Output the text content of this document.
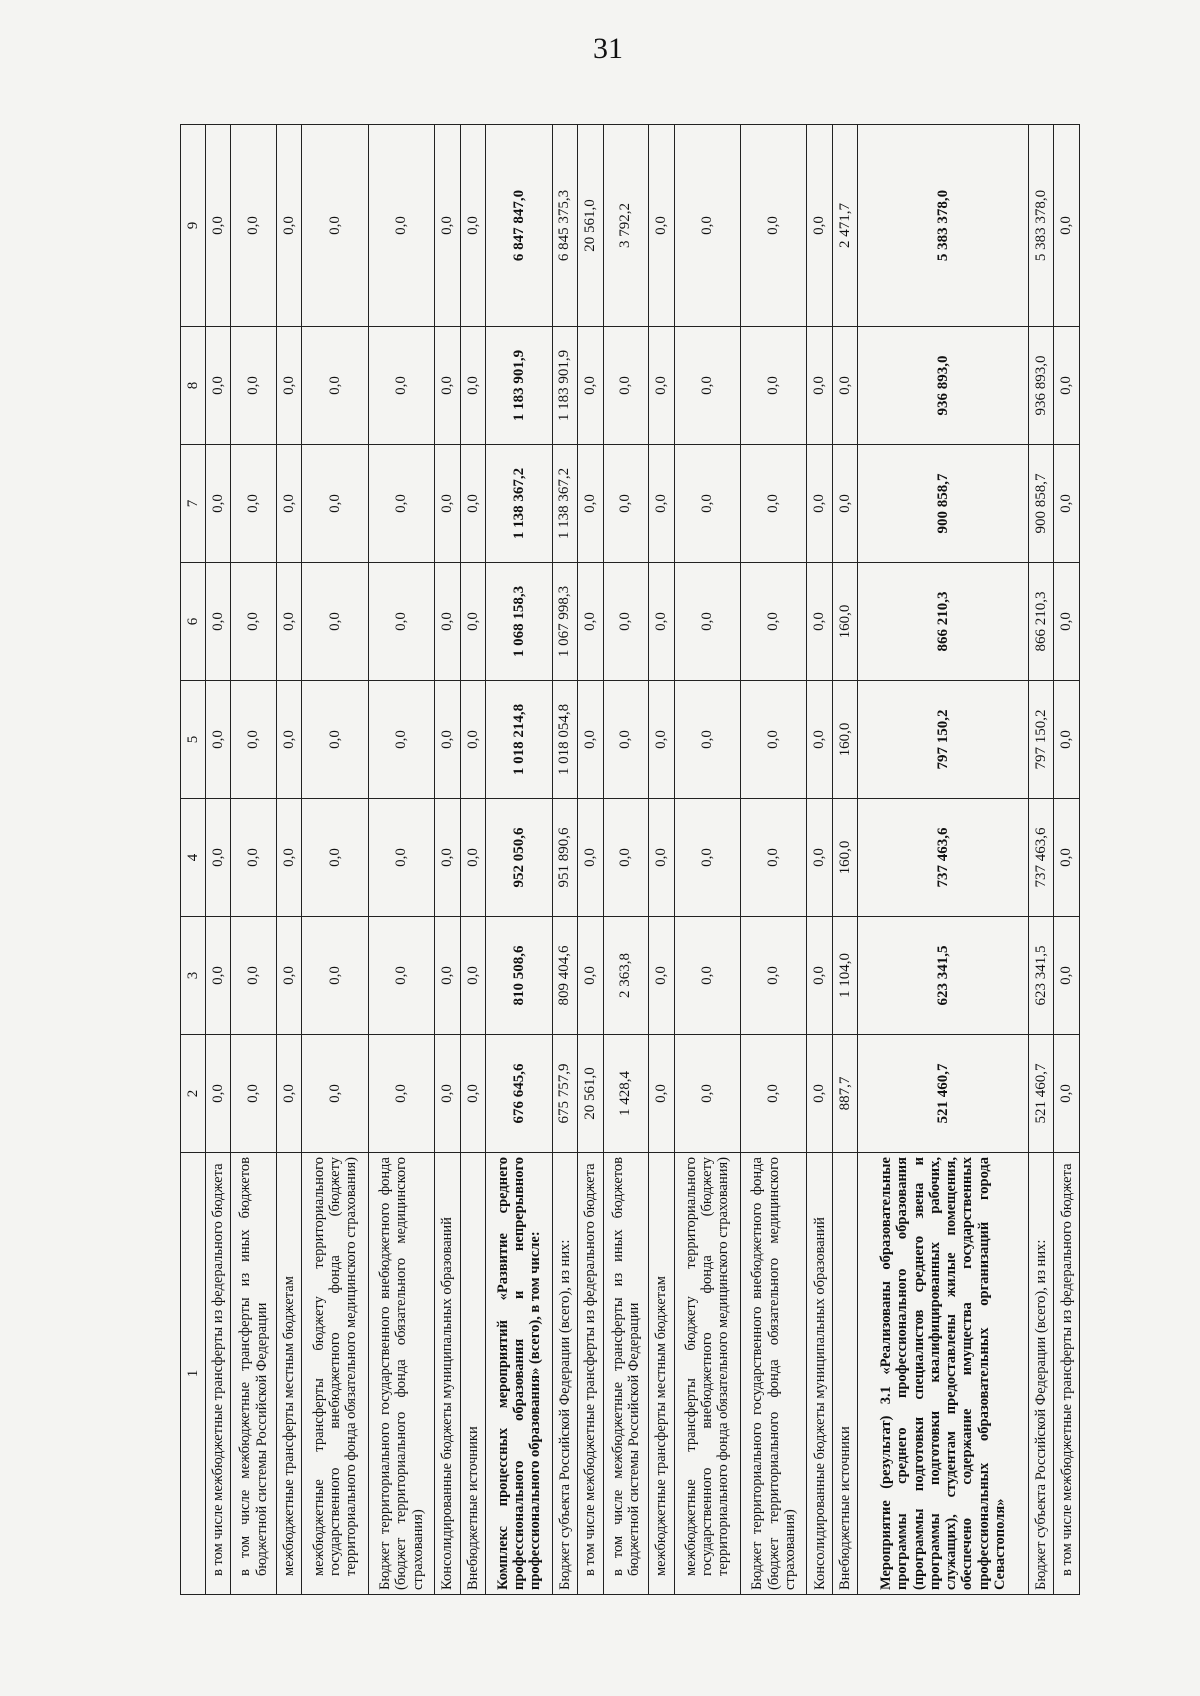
31
1	2	3	4	5	6	7	8	9
в том числе межбюджетные трансферты из федерального бюджета	0,0	0,0	0,0	0,0	0,0	0,0	0,0	0,0
в том числе межбюджетные трансферты из иных бюджетов бюджетной системы Российской Федерации	0,0	0,0	0,0	0,0	0,0	0,0	0,0	0,0
межбюджетные трансферты местным бюджетам	0,0	0,0	0,0	0,0	0,0	0,0	0,0	0,0
межбюджетные трансферты бюджету территориального государственного внебюджетного фонда (бюджету территориального фонда обязательного медицинского страхования)	0,0	0,0	0,0	0,0	0,0	0,0	0,0	0,0
Бюджет территориального государственного внебюджетного фонда (бюджет территориального фонда обязательного медицинского страхования)	0,0	0,0	0,0	0,0	0,0	0,0	0,0	0,0
Консолидированные бюджеты муниципальных образований	0,0	0,0	0,0	0,0	0,0	0,0	0,0	0,0
Внебюджетные источники	0,0	0,0	0,0	0,0	0,0	0,0	0,0	0,0
Комплекс процессных мероприятий «Развитие среднего профессионального образования и непрерывного профессионального образования» (всего), в том числе:	676 645,6	810 508,6	952 050,6	1 018 214,8	1 068 158,3	1 138 367,2	1 183 901,9	6 847 847,0
Бюджет субъекта Российской Федерации (всего), из них:	675 757,9	809 404,6	951 890,6	1 018 054,8	1 067 998,3	1 138 367,2	1 183 901,9	6 845 375,3
в том числе межбюджетные трансферты из федерального бюджета	20 561,0	0,0	0,0	0,0	0,0	0,0	0,0	20 561,0
в том числе межбюджетные трансферты из иных бюджетов бюджетной системы Российской Федерации	1 428,4	2 363,8	0,0	0,0	0,0	0,0	0,0	3 792,2
межбюджетные трансферты местным бюджетам	0,0	0,0	0,0	0,0	0,0	0,0	0,0	0,0
межбюджетные трансферты бюджету территориального государственного внебюджетного фонда (бюджету территориального фонда обязательного медицинского страхования)	0,0	0,0	0,0	0,0	0,0	0,0	0,0	0,0
Бюджет территориального государственного внебюджетного фонда (бюджет территориального фонда обязательного медицинского страхования)	0,0	0,0	0,0	0,0	0,0	0,0	0,0	0,0
Консолидированные бюджеты муниципальных образований	0,0	0,0	0,0	0,0	0,0	0,0	0,0	0,0
Внебюджетные источники	887,7	1 104,0	160,0	160,0	160,0	0,0	0,0	2 471,7
Мероприятие (результат) 3.1 «Реализованы образовательные программы среднего профессионального образования (программы подготовки специалистов среднего звена и программы подготовки квалифицированных рабочих, служащих), студентам предоставлены жилые помещения, обеспечено содержание имущества государственных профессиональных образовательных организаций города Севастополя»	521 460,7	623 341,5	737 463,6	797 150,2	866 210,3	900 858,7	936 893,0	5 383 378,0
Бюджет субъекта Российской Федерации (всего), из них:	521 460,7	623 341,5	737 463,6	797 150,2	866 210,3	900 858,7	936 893,0	5 383 378,0
в том числе межбюджетные трансферты из федерального бюджета	0,0	0,0	0,0	0,0	0,0	0,0	0,0	0,0
